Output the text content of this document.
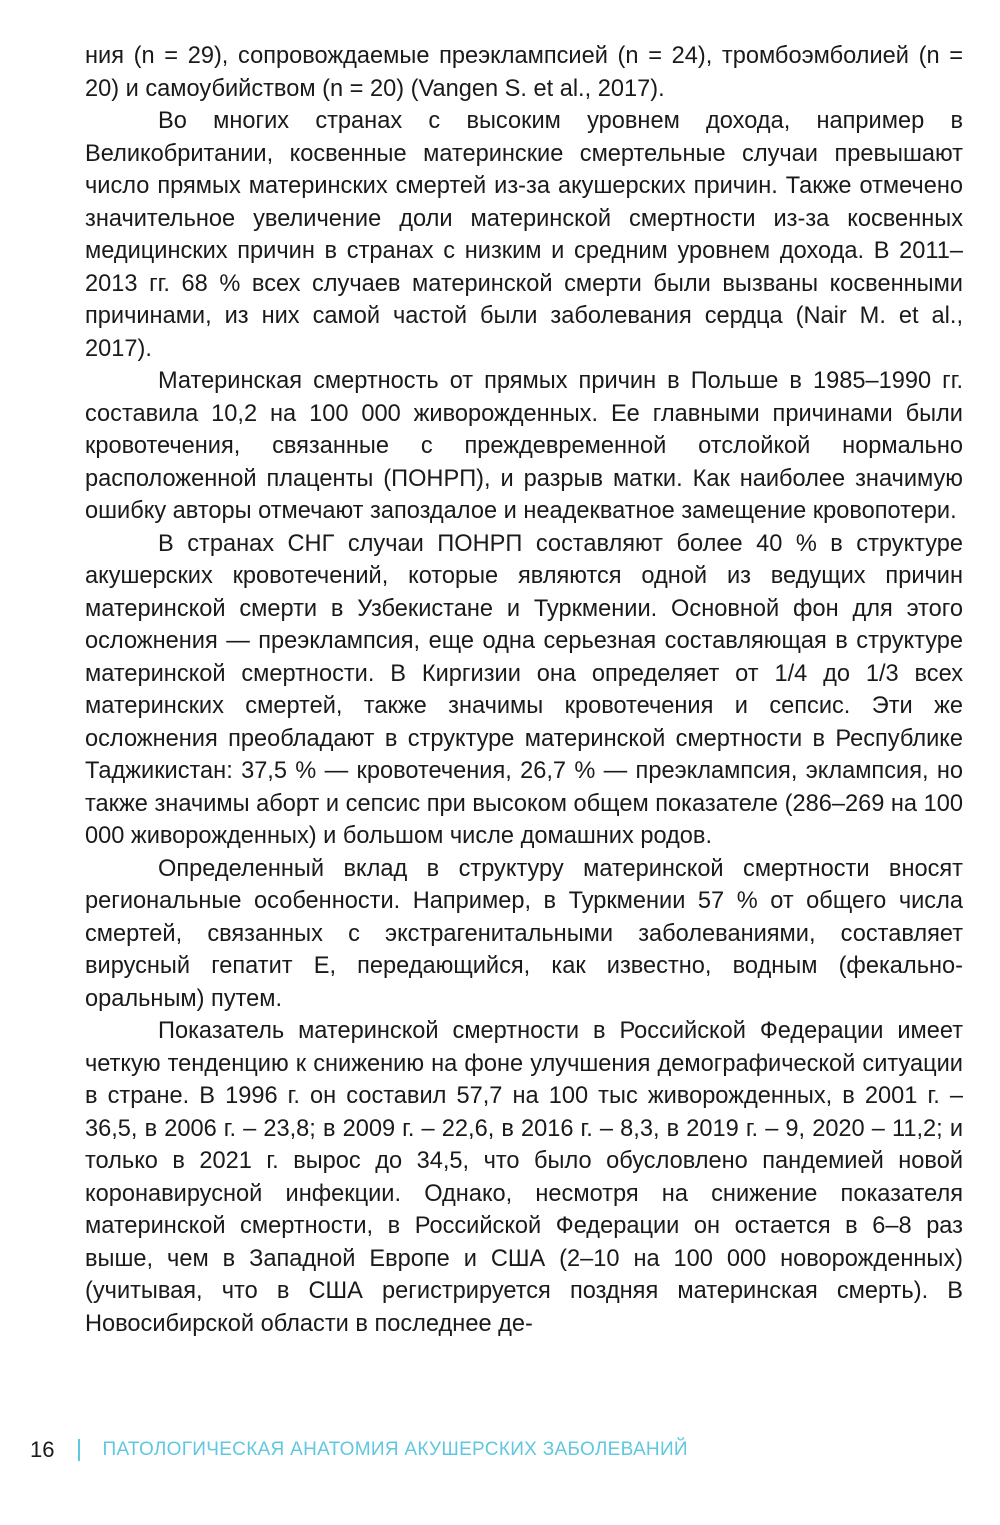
ния (n = 29), сопровождаемые преэклампсией (n = 24), тромбоэмболией (n = 20) и самоубийством (n = 20) (Vangen S. et al., 2017).

Во многих странах с высоким уровнем дохода, например в Великобритании, косвенные материнские смертельные случаи превышают число прямых материнских смертей из-за акушерских причин. Также отмечено значительное увеличение доли материнской смертности из-за косвенных медицинских причин в странах с низким и средним уровнем дохода. В 2011–2013 гг. 68 % всех случаев материнской смерти были вызваны косвенными причинами, из них самой частой были заболевания сердца (Nair M. et al., 2017).

Материнская смертность от прямых причин в Польше в 1985–1990 гг. составила 10,2 на 100 000 живорожденных. Ее главными причинами были кровотечения, связанные с преждевременной отслойкой нормально расположенной плаценты (ПОНРП), и разрыв матки. Как наиболее значимую ошибку авторы отмечают запоздалое и неадекватное замещение кровопотери.

В странах СНГ случаи ПОНРП составляют более 40 % в структуре акушерских кровотечений, которые являются одной из ведущих причин материнской смерти в Узбекистане и Туркмении. Основной фон для этого осложнения — преэклампсия, еще одна серьезная составляющая в структуре материнской смертности. В Киргизии она определяет от 1/4 до 1/3 всех материнских смертей, также значимы кровотечения и сепсис. Эти же осложнения преобладают в структуре материнской смертности в Республике Таджикистан: 37,5 % — кровотечения, 26,7 % — преэклампсия, эклампсия, но также значимы аборт и сепсис при высоком общем показателе (286–269 на 100 000 живорожденных) и большом числе домашних родов.

Определенный вклад в структуру материнской смертности вносят региональные особенности. Например, в Туркмении 57 % от общего числа смертей, связанных с экстрагенитальными заболеваниями, составляет вирусный гепатит Е, передающийся, как известно, водным (фекально-оральным) путем.

Показатель материнской смертности в Российской Федерации имеет четкую тенденцию к снижению на фоне улучшения демографической ситуации в стране. В 1996 г. он составил 57,7 на 100 тыс живорожденных, в 2001 г. – 36,5, в 2006 г. – 23,8; в 2009 г. – 22,6, в 2016 г. – 8,3, в 2019 г. – 9, 2020 – 11,2; и только в 2021 г. вырос до 34,5, что было обусловлено пандемией новой коронавирусной инфекции. Однако, несмотря на снижение показателя материнской смертности, в Российской Федерации он остается в 6–8 раз выше, чем в Западной Европе и США (2–10 на 100 000 новорожденных) (учитывая, что в США регистрируется поздняя материнская смерть). В Новосибирской области в последнее де-

16	ПАТОЛОГИЧЕСКАЯ АНАТОМИЯ АКУШЕРСКИХ ЗАБОЛЕВАНИЙ
